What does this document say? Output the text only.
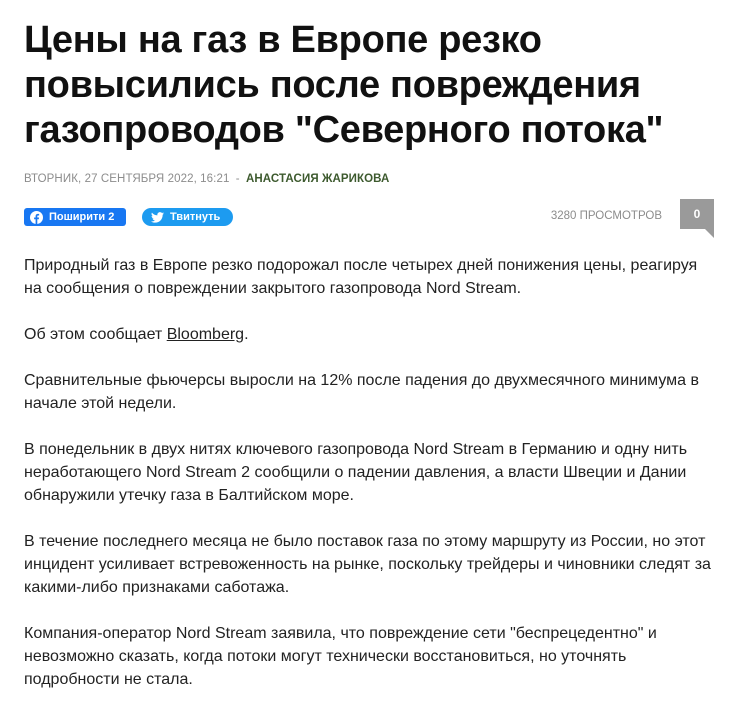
Цены на газ в Европе резко повысились после повреждения газопроводов "Северного потока"
ВТОРНИК, 27 СЕНТЯБРЯ 2022, 16:21 - АНАСТАСИЯ ЖАРИКОВА
Поширити 2	Твитнуть	3280 ПРОСМОТРОВ	0

Природный газ в Европе резко подорожал после четырех дней понижения цены, реагируя на сообщения о повреждении закрытого газопровода Nord Stream.

Об этом сообщает Bloomberg.

Сравнительные фьючерсы выросли на 12% после падения до двухмесячного минимума в начале этой недели.

В понедельник в двух нитях ключевого газопровода Nord Stream в Германию и одну нить неработающего Nord Stream 2 сообщили о падении давления, а власти Швеции и Дании обнаружили утечку газа в Балтийском море.

В течение последнего месяца не было поставок газа по этому маршруту из России, но этот инцидент усиливает встревоженность на рынке, поскольку трейдеры и чиновники следят за какими-либо признаками саботажа.

Компания-оператор Nord Stream заявила, что повреждение сети "беспрецедентно" и невозможно сказать, когда потоки могут технически восстановиться, но уточнять подробности не стала.
